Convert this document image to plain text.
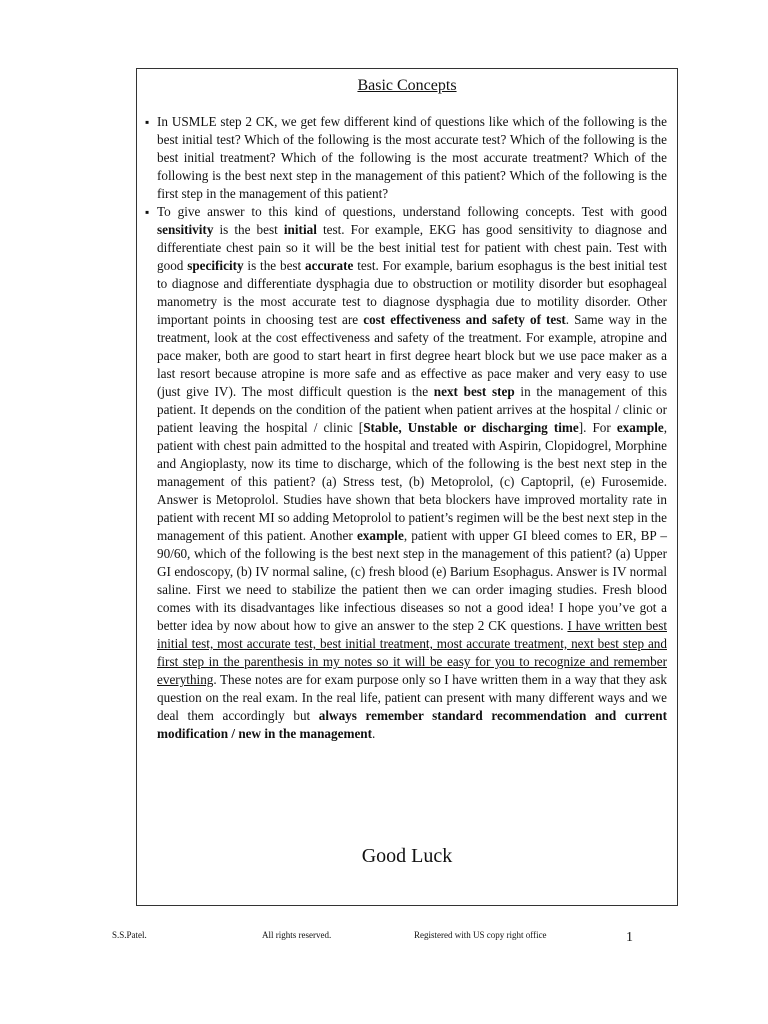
Basic Concepts
▪ In USMLE step 2 CK, we get few different kind of questions like which of the following is the best initial test? Which of the following is the most accurate test? Which of the following is the best initial treatment? Which of the following is the most accurate treatment? Which of the following is the best next step in the management of this patient? Which of the following is the first step in the management of this patient?
▪ To give answer to this kind of questions, understand following concepts. Test with good sensitivity is the best initial test. For example, EKG has good sensitivity to diagnose and differentiate chest pain so it will be the best initial test for patient with chest pain. Test with good specificity is the best accurate test. For example, barium esophagus is the best initial test to diagnose and differentiate dysphagia due to obstruction or motility disorder but esophageal manometry is the most accurate test to diagnose dysphagia due to motility disorder. Other important points in choosing test are cost effectiveness and safety of test. Same way in the treatment, look at the cost effectiveness and safety of the treatment. For example, atropine and pace maker, both are good to start heart in first degree heart block but we use pace maker as a last resort because atropine is more safe and as effective as pace maker and very easy to use (just give IV). The most difficult question is the next best step in the management of this patient. It depends on the condition of the patient when patient arrives at the hospital / clinic or patient leaving the hospital / clinic [Stable, Unstable or discharging time]. For example, patient with chest pain admitted to the hospital and treated with Aspirin, Clopidogrel, Morphine and Angioplasty, now its time to discharge, which of the following is the best next step in the management of this patient? (a) Stress test, (b) Metoprolol, (c) Captopril, (e) Furosemide. Answer is Metoprolol. Studies have shown that beta blockers have improved mortality rate in patient with recent MI so adding Metoprolol to patient’s regimen will be the best next step in the management of this patient. Another example, patient with upper GI bleed comes to ER, BP – 90/60, which of the following is the best next step in the management of this patient? (a) Upper GI endoscopy, (b) IV normal saline, (c) fresh blood (e) Barium Esophagus. Answer is IV normal saline. First we need to stabilize the patient then we can order imaging studies. Fresh blood comes with its disadvantages like infectious diseases so not a good idea! I hope you’ve got a better idea by now about how to give an answer to the step 2 CK questions. I have written best initial test, most accurate test, best initial treatment, most accurate treatment, next best step and first step in the parenthesis in my notes so it will be easy for you to recognize and remember everything. These notes are for exam purpose only so I have written them in a way that they ask question on the real exam. In the real life, patient can present with many different ways and we deal them accordingly but always remember standard recommendation and current modification / new in the management.
Good Luck
S.S.Patel.	All rights reserved.	Registered with US copy right office	1
